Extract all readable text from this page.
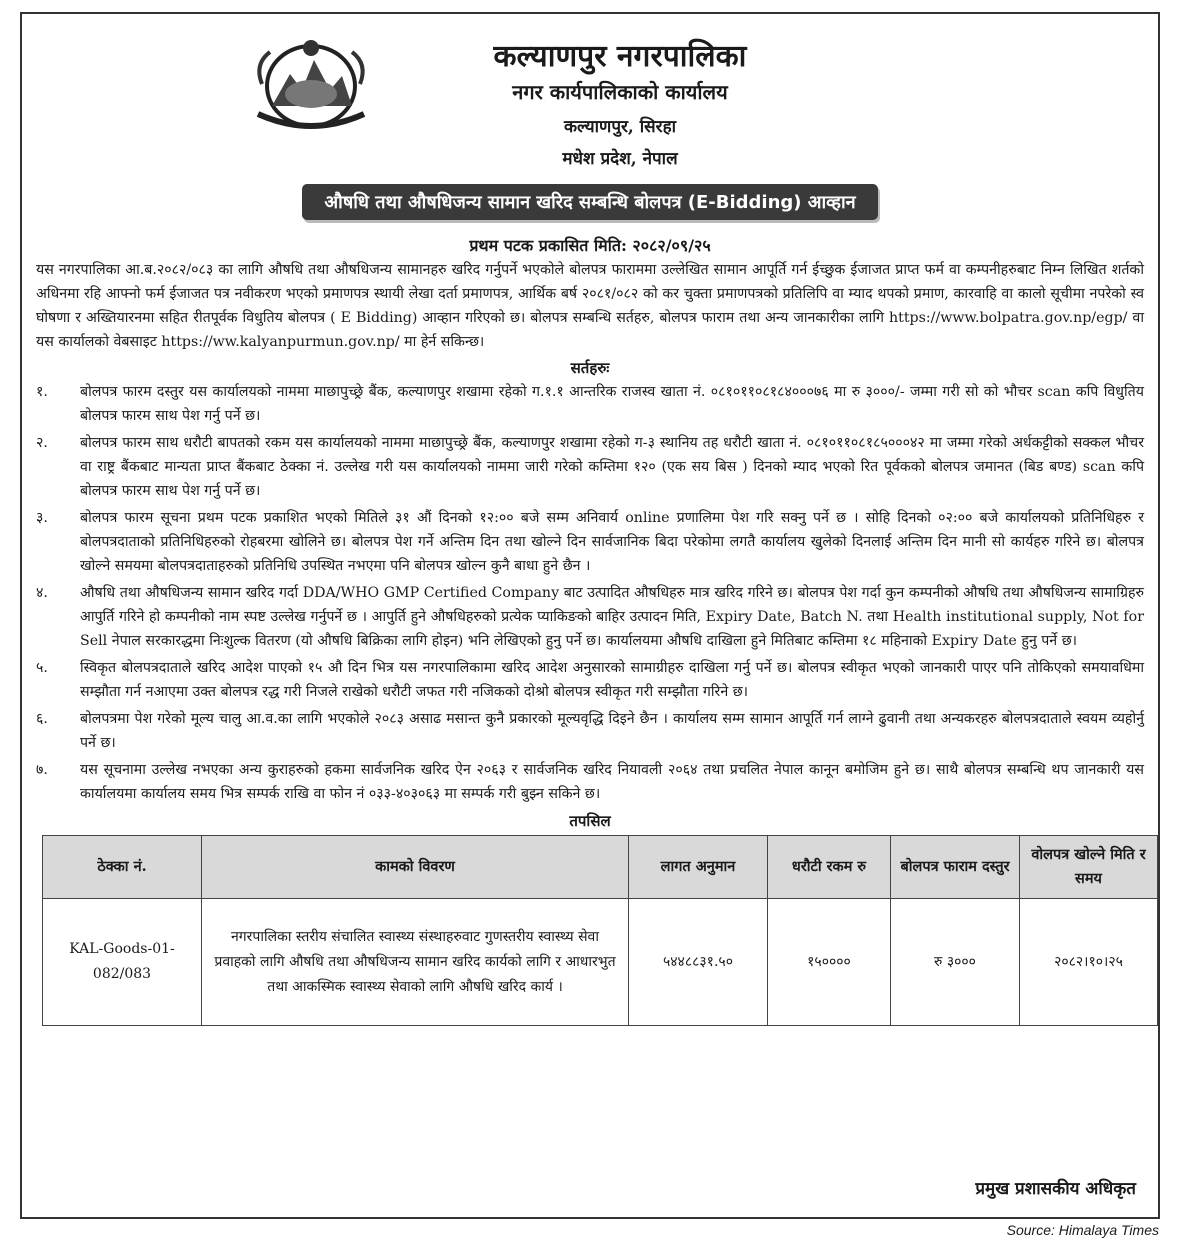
कल्याणपुर नगरपालिका
नगर कार्यपालिकाको कार्यालय
कल्याणपुर, सिरहा
मधेश प्रदेश, नेपाल
औषधि तथा औषधिजन्य सामान खरिद सम्बन्धि बोलपत्र (E-Bidding) आव्हान
प्रथम पटक प्रकासित मिति: २०८२/०९/२५

यस नगरपालिका आ.ब.२०८२/०८३ का लागि औषधि तथा औषधिजन्य सामानहरु खरिद गर्नुपर्ने भएकोले बोलपत्र फाराममा उल्लेखित सामान आपूर्ति गर्न ईच्छुक ईजाजत प्राप्त फर्म वा कम्पनीहरुबाट निम्न लिखित शर्तको अधिनमा रहि आफ्नो फर्म ईजाजत पत्र नवीकरण भएको प्रमाणपत्र स्थायी लेखा दर्ता प्रमाणपत्र, आर्थिक बर्ष २०८१/०८२ को कर चुक्ता प्रमाणपत्रको प्रतिलिपि वा म्याद थपको प्रमाण, कारवाहि वा कालो सूचीमा नपरेको स्व घोषणा र अख्तियारनमा सहित रीतपूर्वक विधुतिय बोलपत्र ( E Bidding) आव्हान गरिएको छ। बोलपत्र सम्बन्धि सर्तहरु, बोलपत्र फाराम तथा अन्य जानकारीका लागि https://www.bolpatra.gov.np/egp/ वा यस कार्यालको वेबसाइट https://ww.kalyanpurmun.gov.np/ मा हेर्न सकिन्छ।

सर्तहरुः
१.	बोलपत्र फारम दस्तुर यस कार्यालयको नाममा माछापुच्छ्रे बैंक, कल्याणपुर शखामा रहेको ग.१.१ आन्तरिक राजस्व खाता नं. ०८१०११०८१८४०००७६ मा रु ३०००/- जम्मा गरी सो को भौचर scan कपि विधुतिय बोलपत्र फारम साथ पेश गर्नु पर्ने छ।
२.	बोलपत्र फारम साथ धरौटी बापतको रकम यस कार्यालयको नाममा माछापुच्छ्रे बैंक, कल्याणपुर शखामा रहेको ग-३ स्थानिय तह धरौटी खाता नं. ०८१०११०८१८५०००४२ मा जम्मा गरेको अर्धकट्टीको सक्कल भौचर वा राष्ट्र बैंकबाट मान्यता प्राप्त बैंकबाट ठेक्का नं. उल्लेख गरी यस कार्यालयको नाममा जारी गरेको कम्तिमा १२० (एक सय बिस ) दिनको म्याद भएको रित पूर्वकको बोलपत्र जमानत (बिड बण्ड) scan कपि बोलपत्र फारम साथ पेश गर्नु पर्ने छ।
३.	बोलपत्र फारम सूचना प्रथम पटक प्रकाशित भएको मितिले ३१ औं दिनको १२:०० बजे सम्म अनिवार्य online प्रणालिमा पेश गरि सक्नु पर्ने छ । सोहि दिनको ०२:०० बजे कार्यालयको प्रतिनिधिहरु र बोलपत्रदाताको प्रतिनिधिहरुको रोहबरमा खोलिने छ। बोलपत्र पेश गर्ने अन्तिम दिन तथा खोल्ने दिन सार्वजानिक बिदा परेकोमा लगतै कार्यालय खुलेको दिनलाई अन्तिम दिन मानी सो कार्यहरु गरिने छ। बोलपत्र खोल्ने समयमा बोलपत्रदाताहरुको प्रतिनिधि उपस्थित नभएमा पनि बोलपत्र खोल्न कुनै बाधा हुने छैन ।
४.	औषधि तथा औषधिजन्य सामान खरिद गर्दा DDA/WHO GMP Certified Company बाट उत्पादित औषधिहरु मात्र खरिद गरिने छ। बोलपत्र पेश गर्दा कुन कम्पनीको औषधि तथा औषधिजन्य सामाग्रिहरु आपुर्ति गरिने हो कम्पनीको नाम स्पष्ट उल्लेख गर्नुपर्ने छ । आपुर्ति हुने औषधिहरुको प्रत्येक प्याकिङको बाहिर उत्पादन मिति, Expiry Date, Batch N. तथा Health institutional supply, Not for Sell नेपाल सरकारद्धमा निःशुल्क वितरण (यो औषधि बिक्रिका लागि होइन) भनि लेखिएको हुनु पर्ने छ। कार्यालयमा औषधि दाखिला हुने मितिबाट कम्तिमा १८ महिनाको Expiry Date हुनु पर्ने छ।
५.	स्विकृत बोलपत्रदाताले खरिद आदेश पाएको १५ औ दिन भित्र यस नगरपालिकामा खरिद आदेश अनुसारको सामाग्रीहरु दाखिला गर्नु पर्ने छ। बोलपत्र स्वीकृत भएको जानकारी पाएर पनि तोकिएको समयावधिमा सम्झौता गर्न नआएमा उक्त बोलपत्र रद्ध गरी निजले राखेको धरौटी जफत गरी नजिकको दोश्रो बोलपत्र स्वीकृत गरी सम्झौता गरिने छ।
६.	बोलपत्रमा पेश गरेको मूल्य चालु आ.व.का लागि भएकोले २०८३ असाढ मसान्त कुनै प्रकारको मूल्यवृद्धि दिइने छैन । कार्यालय सम्म सामान आपूर्ति गर्न लाग्ने ढुवानी तथा अन्यकरहरु बोलपत्रदाताले स्वयम व्यहोर्नु पर्ने छ।
७.	यस सूचनामा उल्लेख नभएका अन्य कुराहरुको हकमा सार्वजनिक खरिद ऐन २०६३ र सार्वजनिक खरिद नियावली २०६४ तथा प्रचलित नेपाल कानून बमोजिम हुने छ। साथै बोलपत्र सम्बन्धि थप जानकारी यस कार्यालयमा कार्यालय समय भित्र सम्पर्क राखि वा फोन नं ०३३-४०३०६३ मा सम्पर्क गरी बुझ्न सकिने छ।
तपसिल
ठेक्का नं.	कामको विवरण	लागत अनुमान	धरौटी रकम रु	बोलपत्र फाराम दस्तुर	वोलपत्र खोल्ने मिति र समय
KAL-Goods-01-082/083	नगरपालिका स्तरीय संचालित स्वास्थ्य संस्थाहरुवाट गुणस्तरीय स्वास्थ्य सेवा प्रवाहको लागि औषधि तथा औषधिजन्य सामान खरिद कार्यको लागि र आधारभुत तथा आकस्मिक स्वास्थ्य सेवाको लागि औषधि खरिद कार्य ।	५४४८८३१.५०	१५००००	रु ३०००	२०८२।१०।२५
प्रमुख प्रशासकीय अधिकृत
Source: Himalaya Times
